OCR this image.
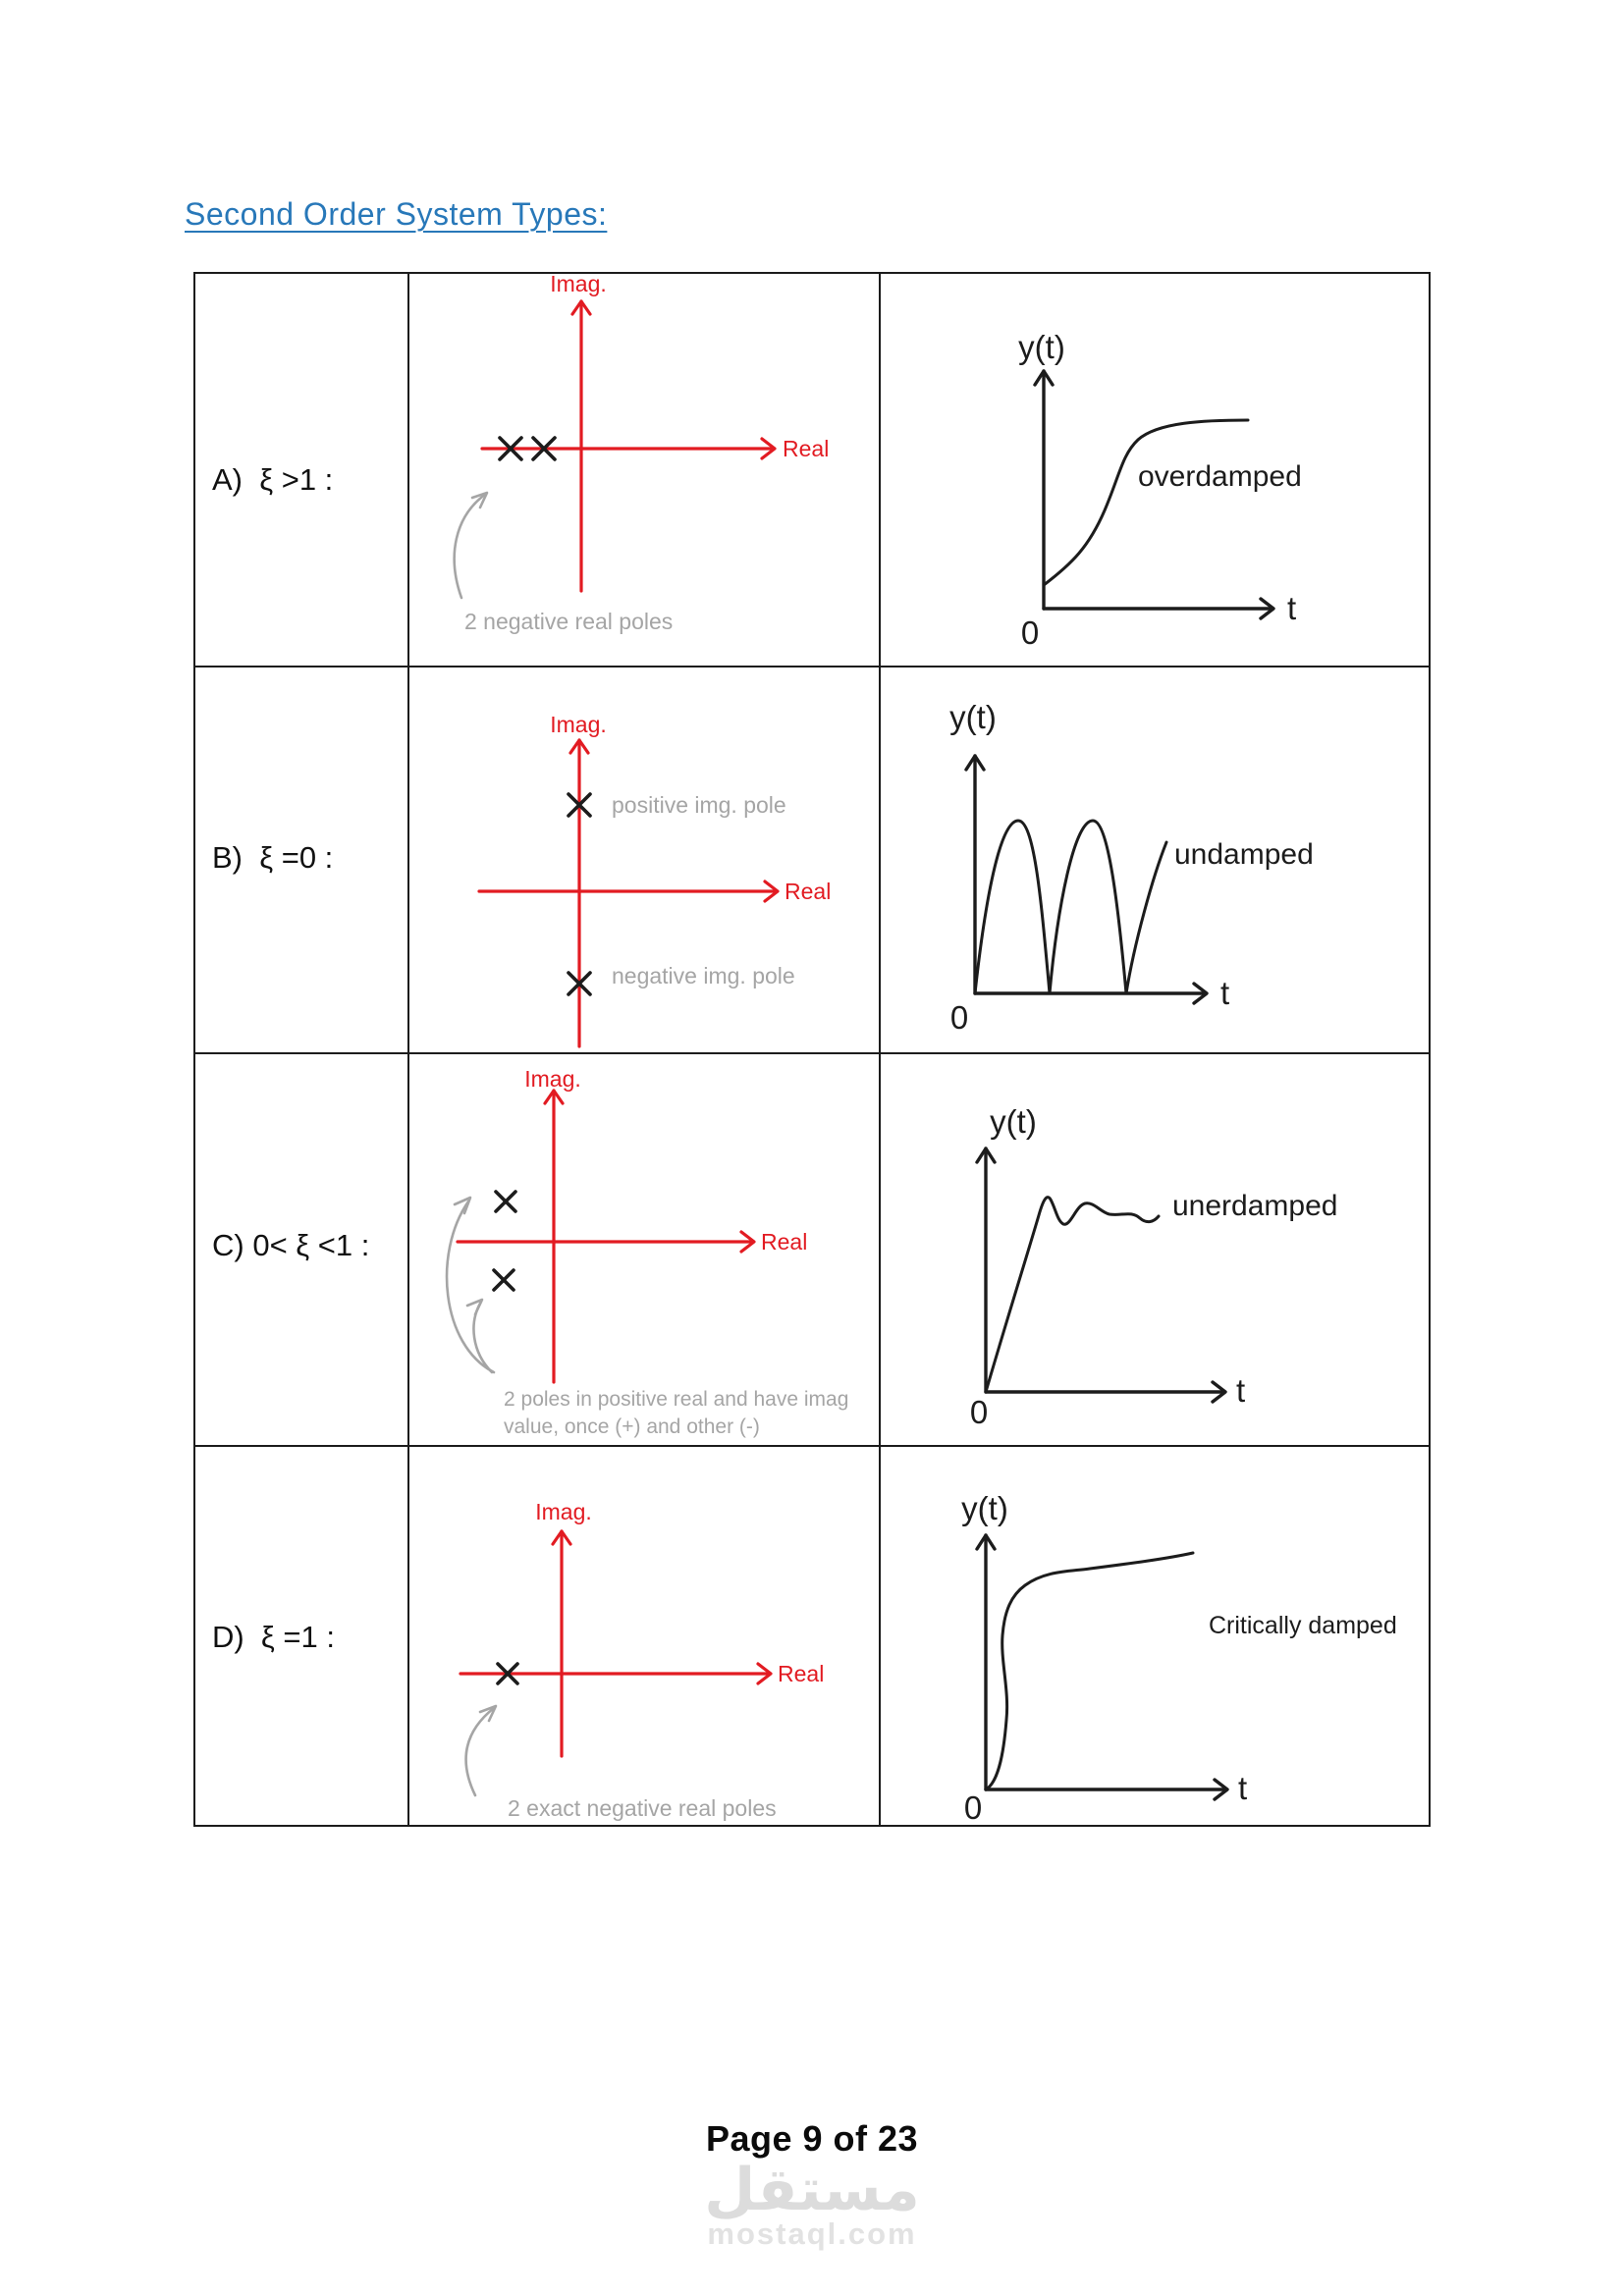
Second Order System Types:
A)  ξ >1 :
Imag.
Real
2 negative real poles
y(t)
t
0
overdamped
B)  ξ =0 :
Imag.
Real
positive img. pole
negative img. pole
y(t)
t
0
undamped
C) 0< ξ <1 :
Imag.
Real
2 poles in positive real and have imag
value, once (+) and other (-)
y(t)
t
0
unerdamped
D)  ξ =1 :
Imag.
Real
2 exact negative real poles
y(t)
t
0
Critically damped
Page 9 of 23
مستقل
mostaql.com
